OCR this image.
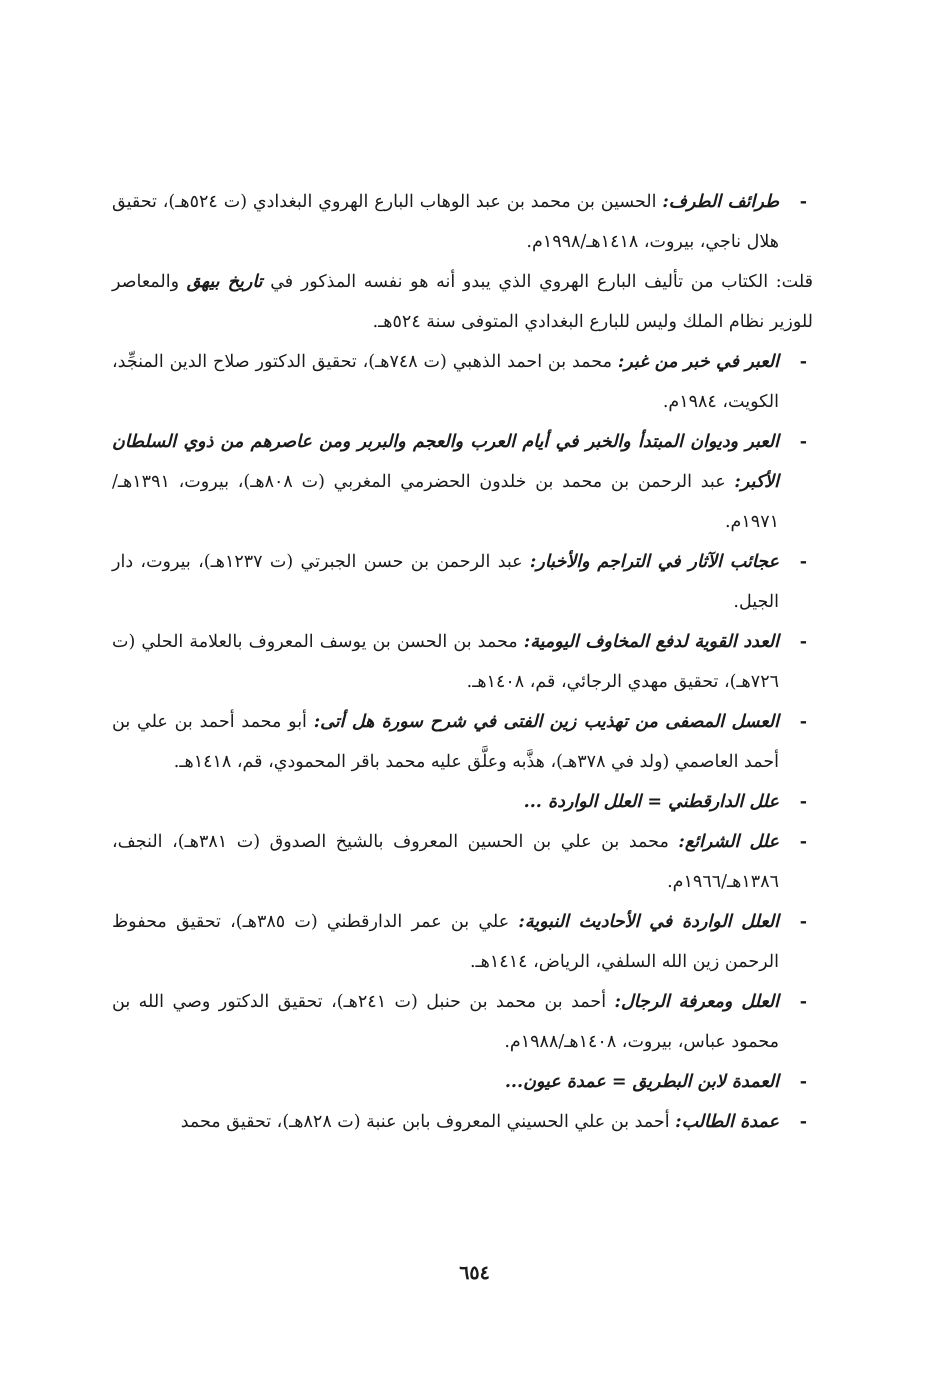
-
طرائف الطرف: الحسين بن محمد بن عبد الوهاب البارع الهروي البغدادي (ت ٥٢٤هـ)، تحقيق هلال ناجي، بيروت، ١٤١٨هـ/١٩٩٨م.

قلت: الكتاب من تأليف البارع الهروي الذي يبدو أنه هو نفسه المذكور في تاريخ بيهق والمعاصر للوزير نظام الملك وليس للبارع البغدادي المتوفى سنة ٥٢٤هـ.

-
العبر في خبر من غبر: محمد بن احمد الذهبي (ت ٧٤٨هـ)، تحقيق الدكتور صلاح الدين المنجِّد، الكويت، ١٩٨٤م.

-
العبر وديوان المبتدأ والخبر في أيام العرب والعجم والبربر ومن عاصرهم من ذوي السلطان الأكبر: عبد الرحمن بن محمد بن خلدون الحضرمي المغربي (ت ٨٠٨هـ)، بيروت، ١٣٩١هـ/١٩٧١م.

-
عجائب الآثار في التراجم والأخبار: عبد الرحمن بن حسن الجبرتي (ت ١٢٣٧هـ)، بيروت، دار الجيل.

-
العدد القوية لدفع المخاوف اليومية: محمد بن الحسن بن يوسف المعروف بالعلامة الحلي (ت ٧٢٦هـ)، تحقيق مهدي الرجائي، قم، ١٤٠٨هـ.

-
العسل المصفى من تهذيب زين الفتى في شرح سورة هل أتى: أبو محمد أحمد بن علي بن أحمد العاصمي (ولد في ٣٧٨هـ)، هذَّبه وعلَّق عليه محمد باقر المحمودي، قم، ١٤١٨هـ.

-
علل الدارقطني = العلل الواردة ...

-
علل الشرائع: محمد بن علي بن الحسين المعروف بالشيخ الصدوق (ت ٣٨١هـ)، النجف، ١٣٨٦هـ/١٩٦٦م.

-
العلل الواردة في الأحاديث النبوية: علي بن عمر الدارقطني (ت ٣٨٥هـ)، تحقيق محفوظ الرحمن زين الله السلفي، الرياض، ١٤١٤هـ.

-
العلل ومعرفة الرجال: أحمد بن محمد بن حنبل (ت ٢٤١هـ)، تحقيق الدكتور وصي الله بن محمود عباس، بيروت، ١٤٠٨هـ/١٩٨٨م.

-
العمدة لابن البطريق = عمدة عيون...

-
عمدة الطالب: أحمد بن علي الحسيني المعروف بابن عنبة (ت ٨٢٨هـ)، تحقيق محمد

٦٥٤
